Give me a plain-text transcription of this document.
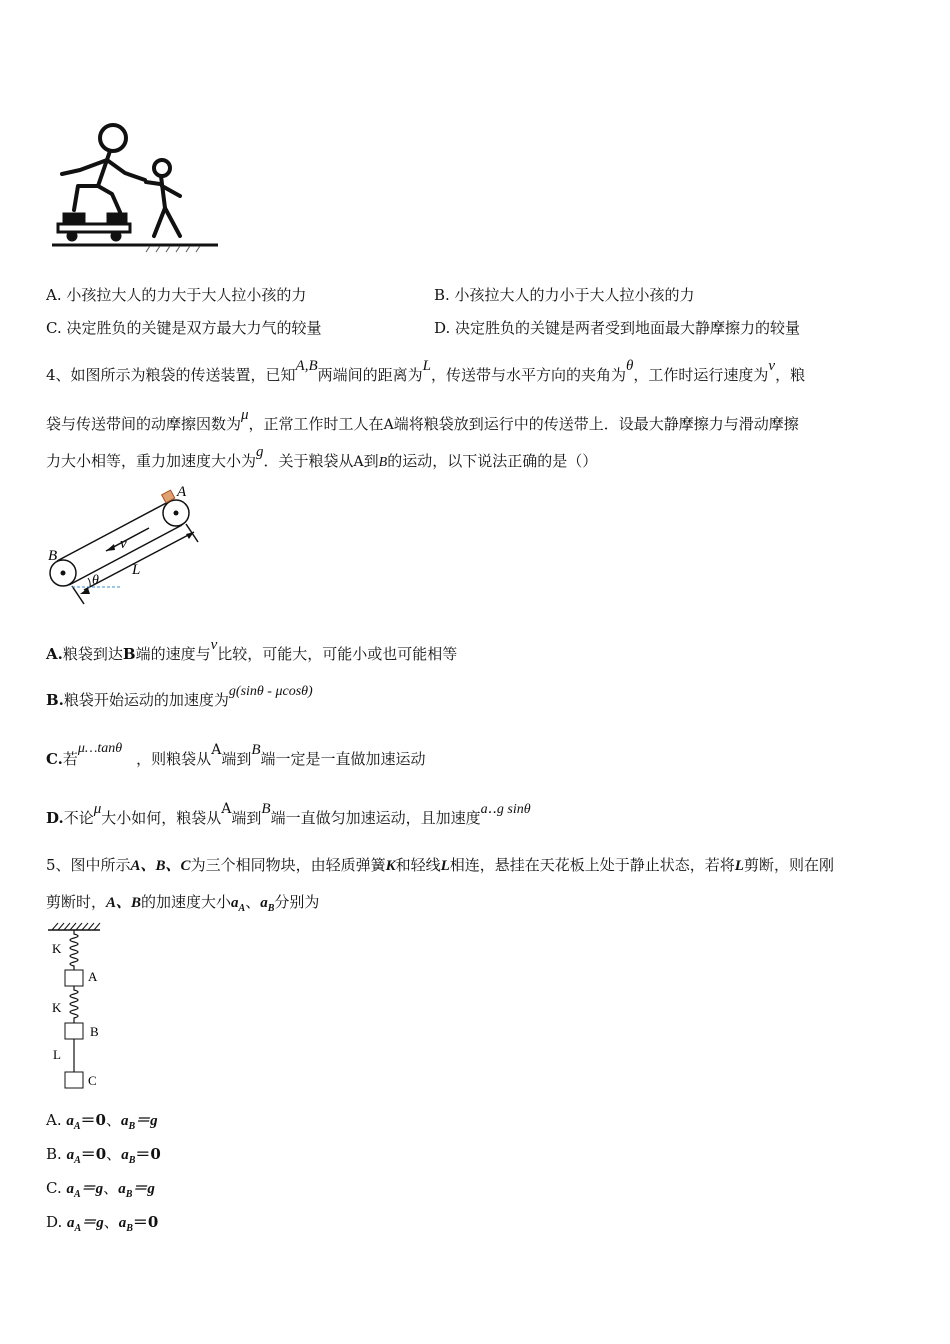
A. 小孩拉大人的力大于大人拉小孩的力	B. 小孩拉大人的力小于大人拉小孩的力
C. 决定胜负的关键是双方最大力气的较量	D. 决定胜负的关键是两者受到地面最大静摩擦力的较量
4、如图所示为粮袋的传送装置，已知A,B两端间的距离为L，传送带与水平方向的夹角为θ，工作时运行速度为v，粮
袋与传送带间的动摩擦因数为μ，正常工作时工人在A端将粮袋放到运行中的传送带上．设最大静摩擦力与滑动摩擦
力大小相等，重力加速度大小为g．关于粮袋从A到B的运动，以下说法正确的是（）
A
B
v
L
θ
A.粮袋到达B端的速度与v比较，可能大，可能小或也可能相等
B.粮袋开始运动的加速度为g(sinθ - μcosθ)
C.若μ…tanθ，则粮袋从A端到B端一定是一直做加速运动
D.不论μ大小如何，粮袋从A端到B端一直做匀加速运动，且加速度a‥g sinθ
5、图中所示A、B、C为三个相同物块，由轻质弹簧K和轻线L相连，悬挂在天花板上处于静止状态，若将L剪断，则在刚
剪断时，A、B的加速度大小$a_A$、$a_B$分别为
K
A
K
B
L
C
A. $a_A=0$、$a_B=g$
B. $a_A=0$、$a_B=0$
C. $a_A=g$、$a_B=g$
D. $a_A=g$、$a_B=0$
